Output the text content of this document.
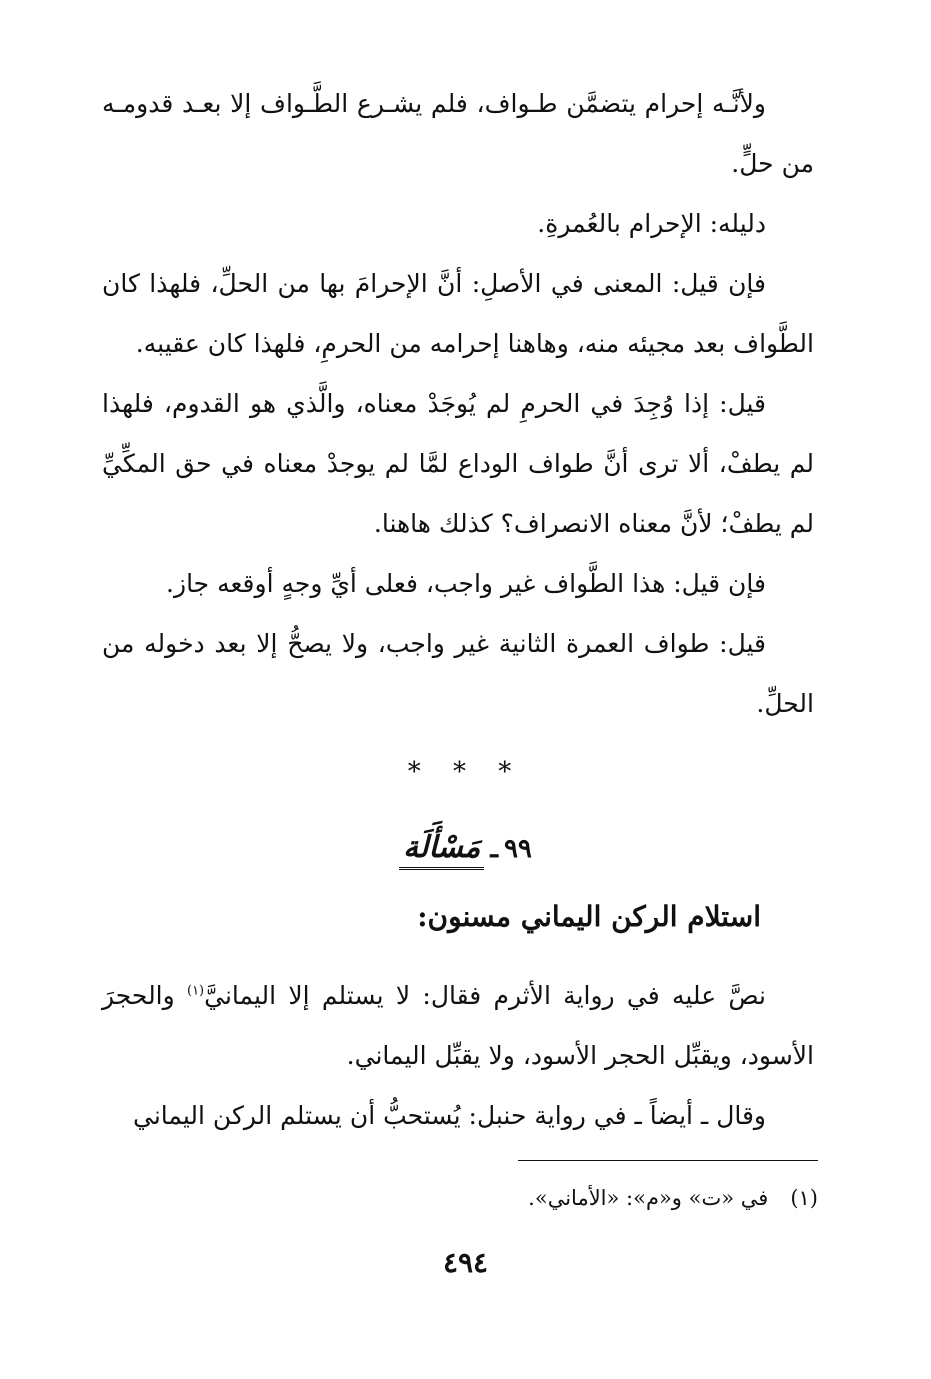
ولأنَّـه إحرام يتضمَّن طـواف، فلم يشـرع الطَّـواف إلا بعـد قدومـه من حلٍّ.

دليله: الإحرام بالعُمرةِ.

فإن قيل: المعنى في الأصلِ: أنَّ الإحرامَ بها من الحلِّ، فلهذا كان الطَّواف بعد مجيئه منه، وهاهنا إحرامه من الحرمِ، فلهذا كان عقيبه.

قيل: إذا وُجِدَ في الحرمِ لم يُوجَدْ معناه، والَّذي هو القدوم، فلهذا لم يطفْ، ألا ترى أنَّ طواف الوداع لمَّا لم يوجدْ معناه في حق المكِّيِّ لم يطفْ؛ لأنَّ معناه الانصراف؟ كذلك هاهنا.

فإن قيل: هذا الطَّواف غير واجب، فعلى أيِّ وجهٍ أوقعه جاز.

قيل: طواف العمرة الثانية غير واجب، ولا يصحُّ إلا بعد دخوله من الحلِّ.

* * *
٩٩ـمَسْأَلَة
استلام الركن اليماني مسنون:

نصَّ عليه في رواية الأثرم فقال: لا يستلم إلا اليمانيَّ$^{(١)}$ والحجرَ الأسود، ويقبِّل الحجر الأسود، ولا يقبِّل اليماني.

وقال ـ أيضاً ـ في رواية حنبل: يُستحبُّ أن يستلم الركن اليماني

(١)في «ت» و«م»: «الأماني».
٤٩٤
